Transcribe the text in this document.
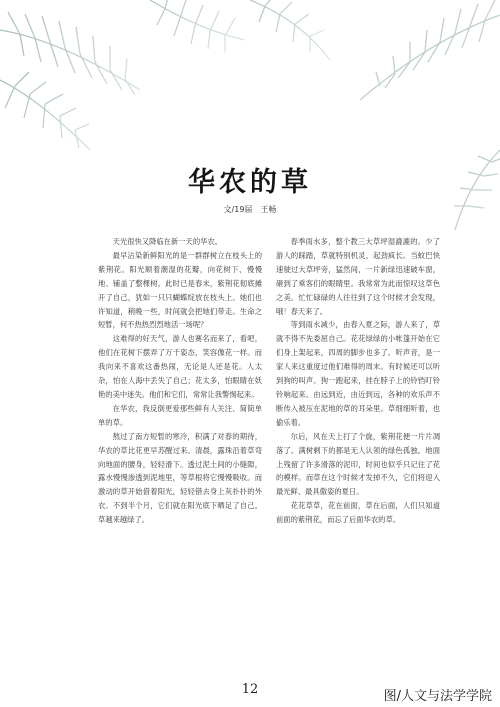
华农的草
文/19届　王畅

天光很快又降临在新一天的华农。

最早沾染新鲜阳光的是一群群树立在枝头上的紫荆花。阳光顺着潮湿的花瓣，向花树下、慢慢地、铺盖了整棵树。此时已是春末，紫荆花彻底摊开了自己，犹如一只只蝴蝶绽放在枝头上。她们也许知道，稍晚一些，时间就会把她们带走。生命之短暂，何不热热烈烈地活一场呢？

这难得的好天气，游人也赛名而来了，看吧，他们在花树下摆弄了万千姿态，笑容像花一样。而我向来不喜欢这番热闹，无论是人还是花。人太杂，怕在人海中丢失了自己；花太多，怕眼睛在妖艳的美中迷失。他们和它们，常常让我警惕起来。

在华农，我反倒更爱那些鲜有人关注、简简单单的草。

熬过了南方短暂的寒冷，积满了对春的期待，华农的草比花更早苏醒过来。清晨，露珠沿着草弯向地面的腰身，轻轻滑下。透过泥土间的小缝隙，露水慢慢渗透到泥地里，等草根将它慢慢吸收。而激动的草开始借着阳光，轻轻错去身上灰扑扑的外衣。不到半个月，它们就在阳光底下晒足了自己。草越来越绿了。

春季雨水多，整个教三大草坪湿漉漉的。少了游人的踩踏，草就特别机灵、起劲疯长。当蚊巴快速驶过大草坪旁，猛然间，一片新绿迅速破车窗，砸到了乘客们的眼睛里。我常常为此而惊叹这草色之美。忙忙碌碌的人往往到了这个时候才会发现，哦！春天来了。

等到雨水减少，由春入夏之际，游人来了，草就不得不先委屈自己。花花绿绿的小帐篷开始在它们身上架起来，四周的脚步也多了。听声音，是一家人来这重度过他们难得的周末。有时候还可以听到狗的叫声。狗一跑起来，挂在脖子上的铃铛叮铃铃响起来。由远到近，由近到远，各种的欢乐声不断传入被压在泥地的草的耳朵里。草细细听着，也偷乐着。

尔后，风在天上打了个旋，紫荆花便一片片凋落了。满树剩下的都是无人认领的绿色孤独。地面上残留了许多滑落的泥印，时间也似乎只记住了花的模样。而草在这个时候才发掉不久，它们将迎入最光鲜、最具傲姿的夏日。

花花草草，花在前面，草在后面，人们只知道前面的紫荆花，而忘了后面华农的草。

12	图/人文与法学学院
